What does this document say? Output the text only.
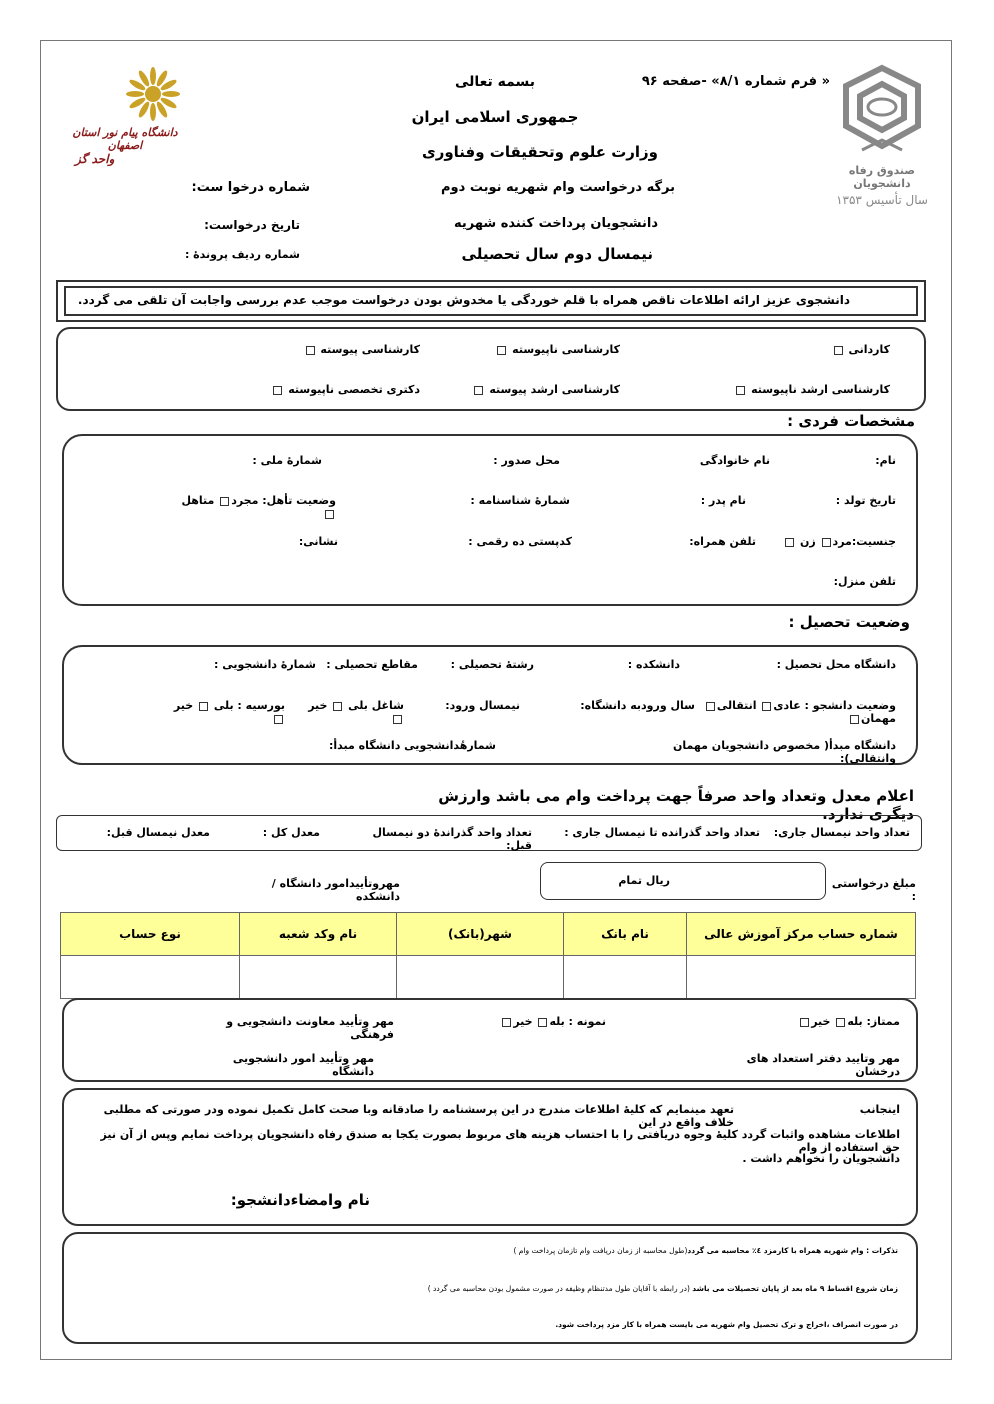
دانشگاه پیام نور استان اصفهان
واحد گز
صندوق رفاه دانشجویان
سال تأسیس ۱۳۵۳
« فرم شماره ۸/۱» -صفحه ۹۶
بسمه تعالی
جمهوری اسلامی ایران
وزارت علوم وتحقیقات وفناوری
برگه درخواست وام شهریه نوبت دوم
شماره درخوا ست:
دانشجویان پرداخت کننده شهریه
تاریخ درخواست:
نیمسال دوم سال تحصیلی
شماره ردیف پروندهٔ :
دانشجوی عزیز ارائه اطلاعات ناقص همراه با قلم خوردگی یا مخدوش بودن درخواست موجب عدم بررسی واجابت آن تلقی می گردد.
کاردانی
کارشناسی ناپیوسته
کارشناسی پیوسته
کارشناسی ارشد ناپیوسته
کارشناسی ارشد پیوسته
دکتری تخصصی ناپیوسته
مشخصات فردی :
نام:
نام خانوادگی
محل صدور :
شمارهٔ ملی :
تاریخ تولد :
نام پدر :
شمارهٔ شناسنامه :
وضعیت تأهل: مجرد متاهل
جنسیت:مرد زن
تلفن همراه:
کدپستی ده رقمی :
نشانی:
تلفن منزل:
وضعیت تحصیل :
دانشگاه محل تحصیل :
دانشکده :
رشتهٔ تحصیلی :
مقاطع تحصیلی :
شمارهٔ دانشجویی :
وضعیت دانشجو : عادی انتقالی مهمان
سال ورودبه دانشگاه:
نیمسال ورود:
شاغل بلی  خیر
بورسیه : بلی  خیر
دانشگاه مبدأ( مخصوص دانشجویان مهمان وانتقالی):
شمارهٔدانشجویی دانشگاه مبدأ:
اعلام معدل وتعداد واحد صرفاً جهت پرداخت وام می باشد وارزش دیگری ندارد.
تعداد واحد نیمسال جاری:
تعداد واحد گذرانده تا نیمسال جاری :
تعداد واحد گذراندهٔ دو نیمسال قبل:
معدل کل :
معدل نیمسال قبل:
مبلغ درخواستی :
ریال تمام
مهروتأییدامور دانشگاه /دانشکده
نوع حساب	نام وکد شعبه	شهر(بانک)	نام بانک	شماره حساب مرکز آموزش عالی

ممتاز: بله خیر
نمونه : بله خیر
مهر وتأیید معاونت دانشجویی و فرهنگی
مهر وتایید دفتر استعداد های درخشان
مهر وتأیید امور دانشجویی دانشگاه
اینجانب
تعهد مینمایم که کلیهٔ اطلاعات مندرج در این پرسشنامه را صادقانه وبا صحت کامل تکمیل نموده ودر صورتی که مطلبی خلاف واقع در این
اطلاعات مشاهده واثبات گردد کلیهٔ وجوه دریافتی را با احتساب هزینه های مربوط بصورت یکجا به صندق رفاه دانشجویان پرداخت نمایم وپس از آن نیز حق استفاده از وام
دانشجویان را نخواهم داشت .
نام وامضاءدانشجو:
تذکرات : وام شهریه همراه با کارمزد ٤٪ محاسبه می گردد(طول محاسبه از زمان دریافت وام تازمان پرداخت وام )
زمان شروع اقساط ۹ ماه بعد از پایان تحصیلات می باشد (در رابطه با آقایان طول مدتنظام وظیفه در صورت مشمول بودن محاسبه می گردد )
در صورت انصراف ،اخراج و ترک تحصیل وام شهریه می بایست همراه با کار مزد پرداخت شود.
